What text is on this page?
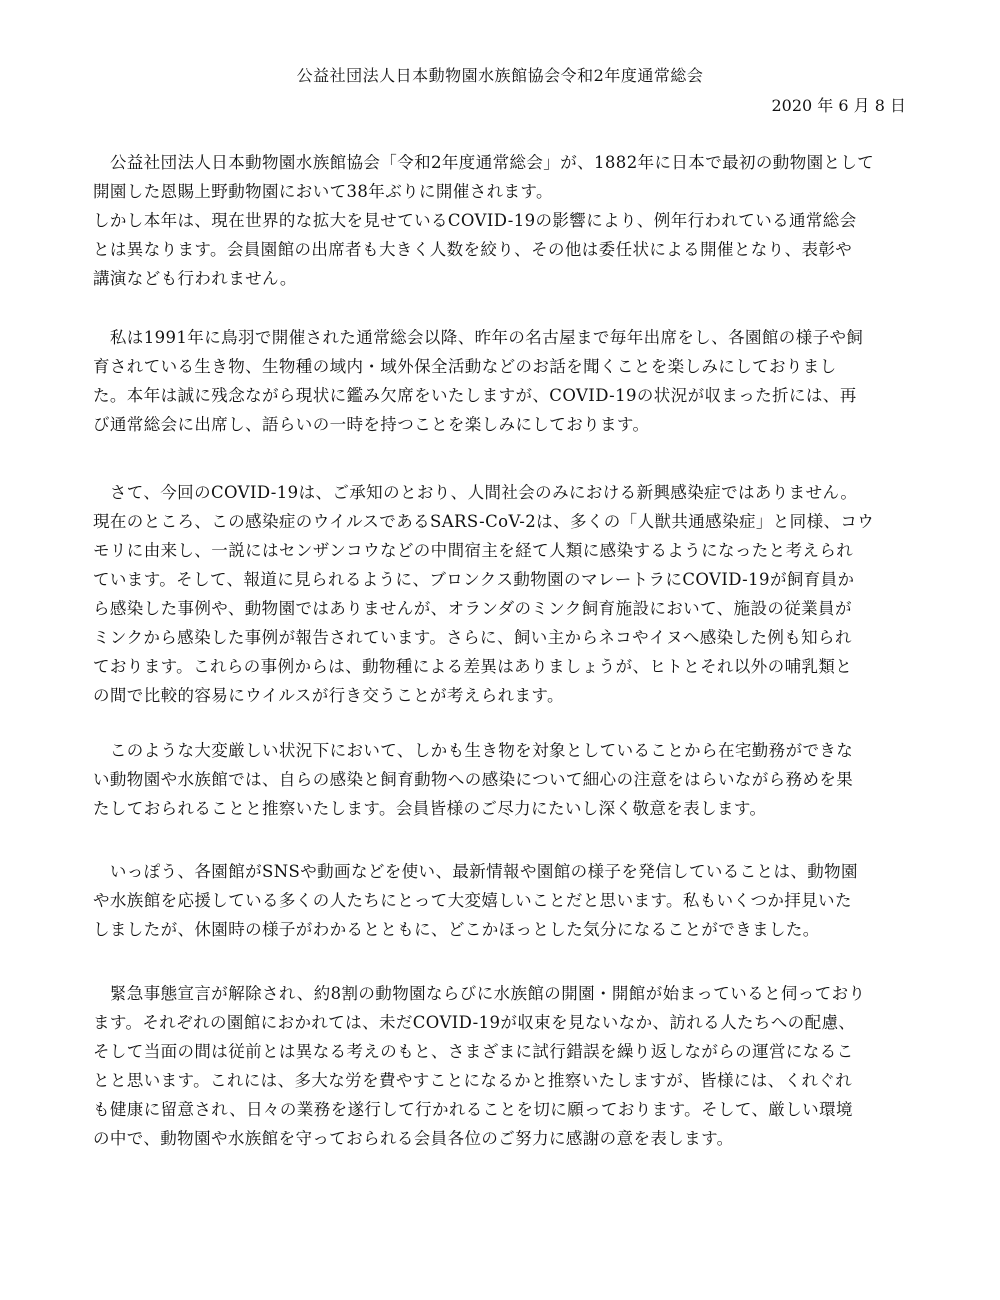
公益社団法人日本動物園水族館協会令和2年度通常総会
2020 年 6 月 8 日
　公益社団法人日本動物園水族館協会「令和2年度通常総会」が、1882年に日本で最初の動物園として
開園した恩賜上野動物園において38年ぶりに開催されます。
しかし本年は、現在世界的な拡大を見せているCOVID-19の影響により、例年行われている通常総会
とは異なります。会員園館の出席者も大きく人数を絞り、その他は委任状による開催となり、表彰や
講演なども行われません。
　私は1991年に鳥羽で開催された通常総会以降、昨年の名古屋まで毎年出席をし、各園館の様子や飼
育されている生き物、生物種の域内・域外保全活動などのお話を聞くことを楽しみにしておりまし
た。本年は誠に残念ながら現状に鑑み欠席をいたしますが、COVID-19の状況が収まった折には、再
び通常総会に出席し、語らいの一時を持つことを楽しみにしております。
　さて、今回のCOVID-19は、ご承知のとおり、人間社会のみにおける新興感染症ではありません。
現在のところ、この感染症のウイルスであるSARS-CoV-2は、多くの「人獣共通感染症」と同様、コウ
モリに由来し、一説にはセンザンコウなどの中間宿主を経て人類に感染するようになったと考えられ
ています。そして、報道に見られるように、ブロンクス動物園のマレートラにCOVID-19が飼育員か
ら感染した事例や、動物園ではありませんが、オランダのミンク飼育施設において、施設の従業員が
ミンクから感染した事例が報告されています。さらに、飼い主からネコやイヌへ感染した例も知られ
ております。これらの事例からは、動物種による差異はありましょうが、ヒトとそれ以外の哺乳類と
の間で比較的容易にウイルスが行き交うことが考えられます。
　このような大変厳しい状況下において、しかも生き物を対象としていることから在宅勤務ができな
い動物園や水族館では、自らの感染と飼育動物への感染について細心の注意をはらいながら務めを果
たしておられることと推察いたします。会員皆様のご尽力にたいし深く敬意を表します。
　いっぽう、各園館がSNSや動画などを使い、最新情報や園館の様子を発信していることは、動物園
や水族館を応援している多くの人たちにとって大変嬉しいことだと思います。私もいくつか拝見いた
しましたが、休園時の様子がわかるとともに、どこかほっとした気分になることができました。
　緊急事態宣言が解除され、約8割の動物園ならびに水族館の開園・開館が始まっていると伺っており
ます。それぞれの園館におかれては、未だCOVID-19が収束を見ないなか、訪れる人たちへの配慮、
そして当面の間は従前とは異なる考えのもと、さまざまに試行錯誤を繰り返しながらの運営になるこ
とと思います。これには、多大な労を費やすことになるかと推察いたしますが、皆様には、くれぐれ
も健康に留意され、日々の業務を遂行して行かれることを切に願っております。そして、厳しい環境
の中で、動物園や水族館を守っておられる会員各位のご努力に感謝の意を表します。
